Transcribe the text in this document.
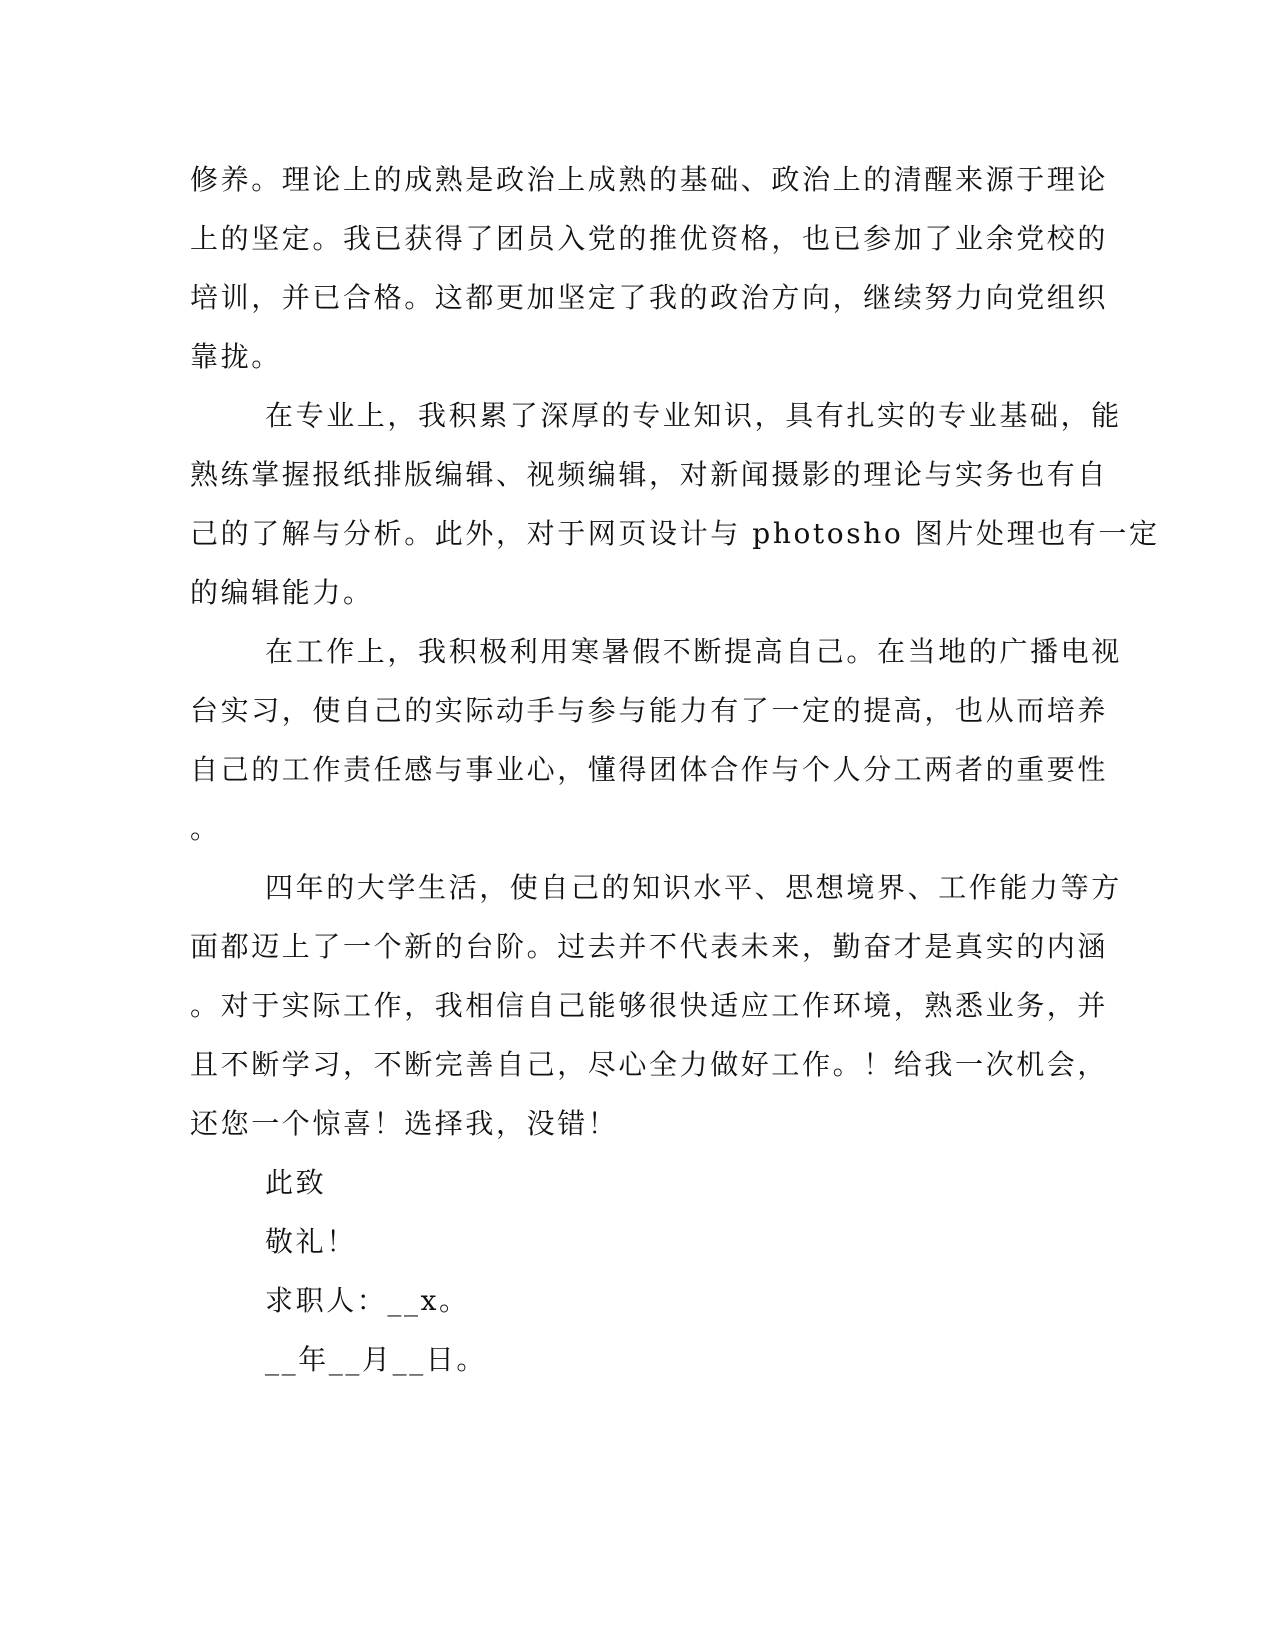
修养。理论上的成熟是政治上成熟的基础、政治上的清醒来源于理论
上的坚定。我已获得了团员入党的推优资格，也已参加了业余党校的
培训，并已合格。这都更加坚定了我的政治方向，继续努力向党组织
靠拢。
在专业上，我积累了深厚的专业知识，具有扎实的专业基础，能
熟练掌握报纸排版编辑、视频编辑，对新闻摄影的理论与实务也有自
己的了解与分析。此外，对于网页设计与 photosho 图片处理也有一定
的编辑能力。
在工作上，我积极利用寒暑假不断提高自己。在当地的广播电视
台实习，使自己的实际动手与参与能力有了一定的提高，也从而培养
自己的工作责任感与事业心，懂得团体合作与个人分工两者的重要性
。
四年的大学生活，使自己的知识水平、思想境界、工作能力等方
面都迈上了一个新的台阶。过去并不代表未来，勤奋才是真实的内涵
。对于实际工作，我相信自己能够很快适应工作环境，熟悉业务，并
且不断学习，不断完善自己，尽心全力做好工作。！给我一次机会，
还您一个惊喜！选择我，没错！
此致
敬礼！
求职人：__x。
__年__月__日。
